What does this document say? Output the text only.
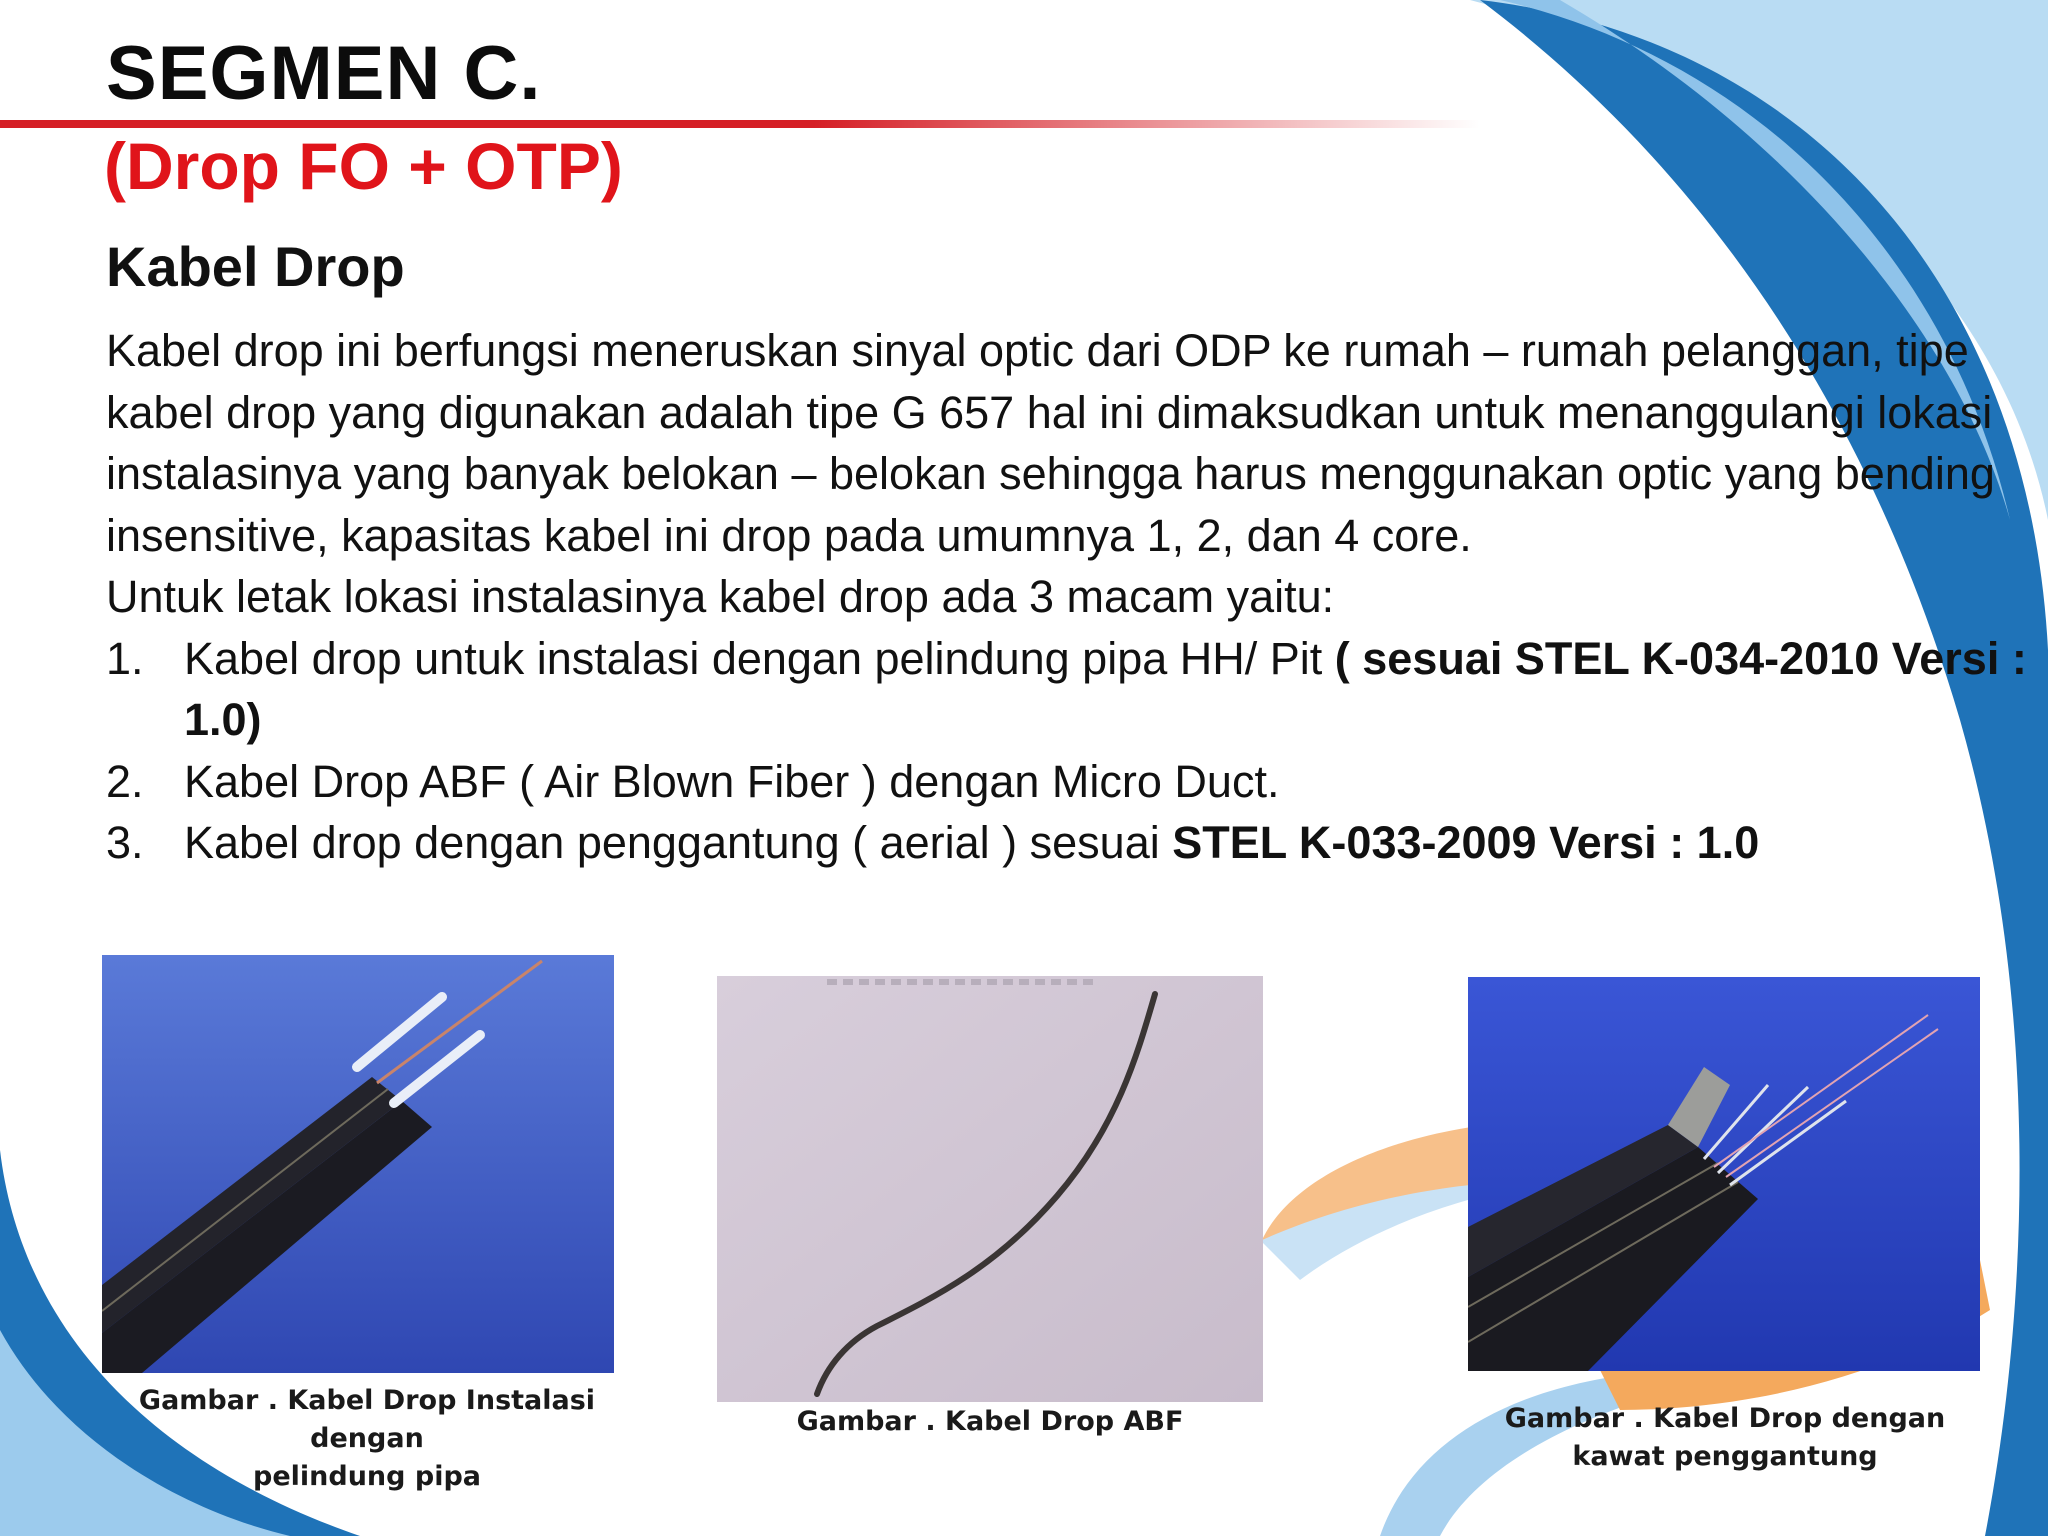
SEGMEN C.
(Drop FO + OTP)
Kabel Drop

Kabel drop ini berfungsi meneruskan sinyal optic dari ODP ke rumah – rumah pelanggan, tipe kabel drop yang digunakan adalah tipe G 657 hal ini dimaksudkan untuk menanggulangi lokasi instalasinya yang banyak belokan – belokan sehingga harus menggunakan optic yang bending insensitive, kapasitas kabel ini drop pada umumnya 1, 2, dan 4 core.

Untuk letak lokasi instalasinya kabel drop ada 3 macam yaitu:

1. Kabel drop untuk instalasi dengan pelindung pipa HH/ Pit ( sesuai STEL K-034-2010 Versi : 1.0)
2. Kabel Drop ABF ( Air Blown Fiber ) dengan Micro Duct.
3. Kabel drop dengan penggantung ( aerial ) sesuai STEL K-033-2009 Versi : 1.0
Gambar . Kabel Drop Instalasi dengan
pelindung pipa
Gambar . Kabel Drop ABF	Gambar . Kabel Drop dengan
kawat penggantung
